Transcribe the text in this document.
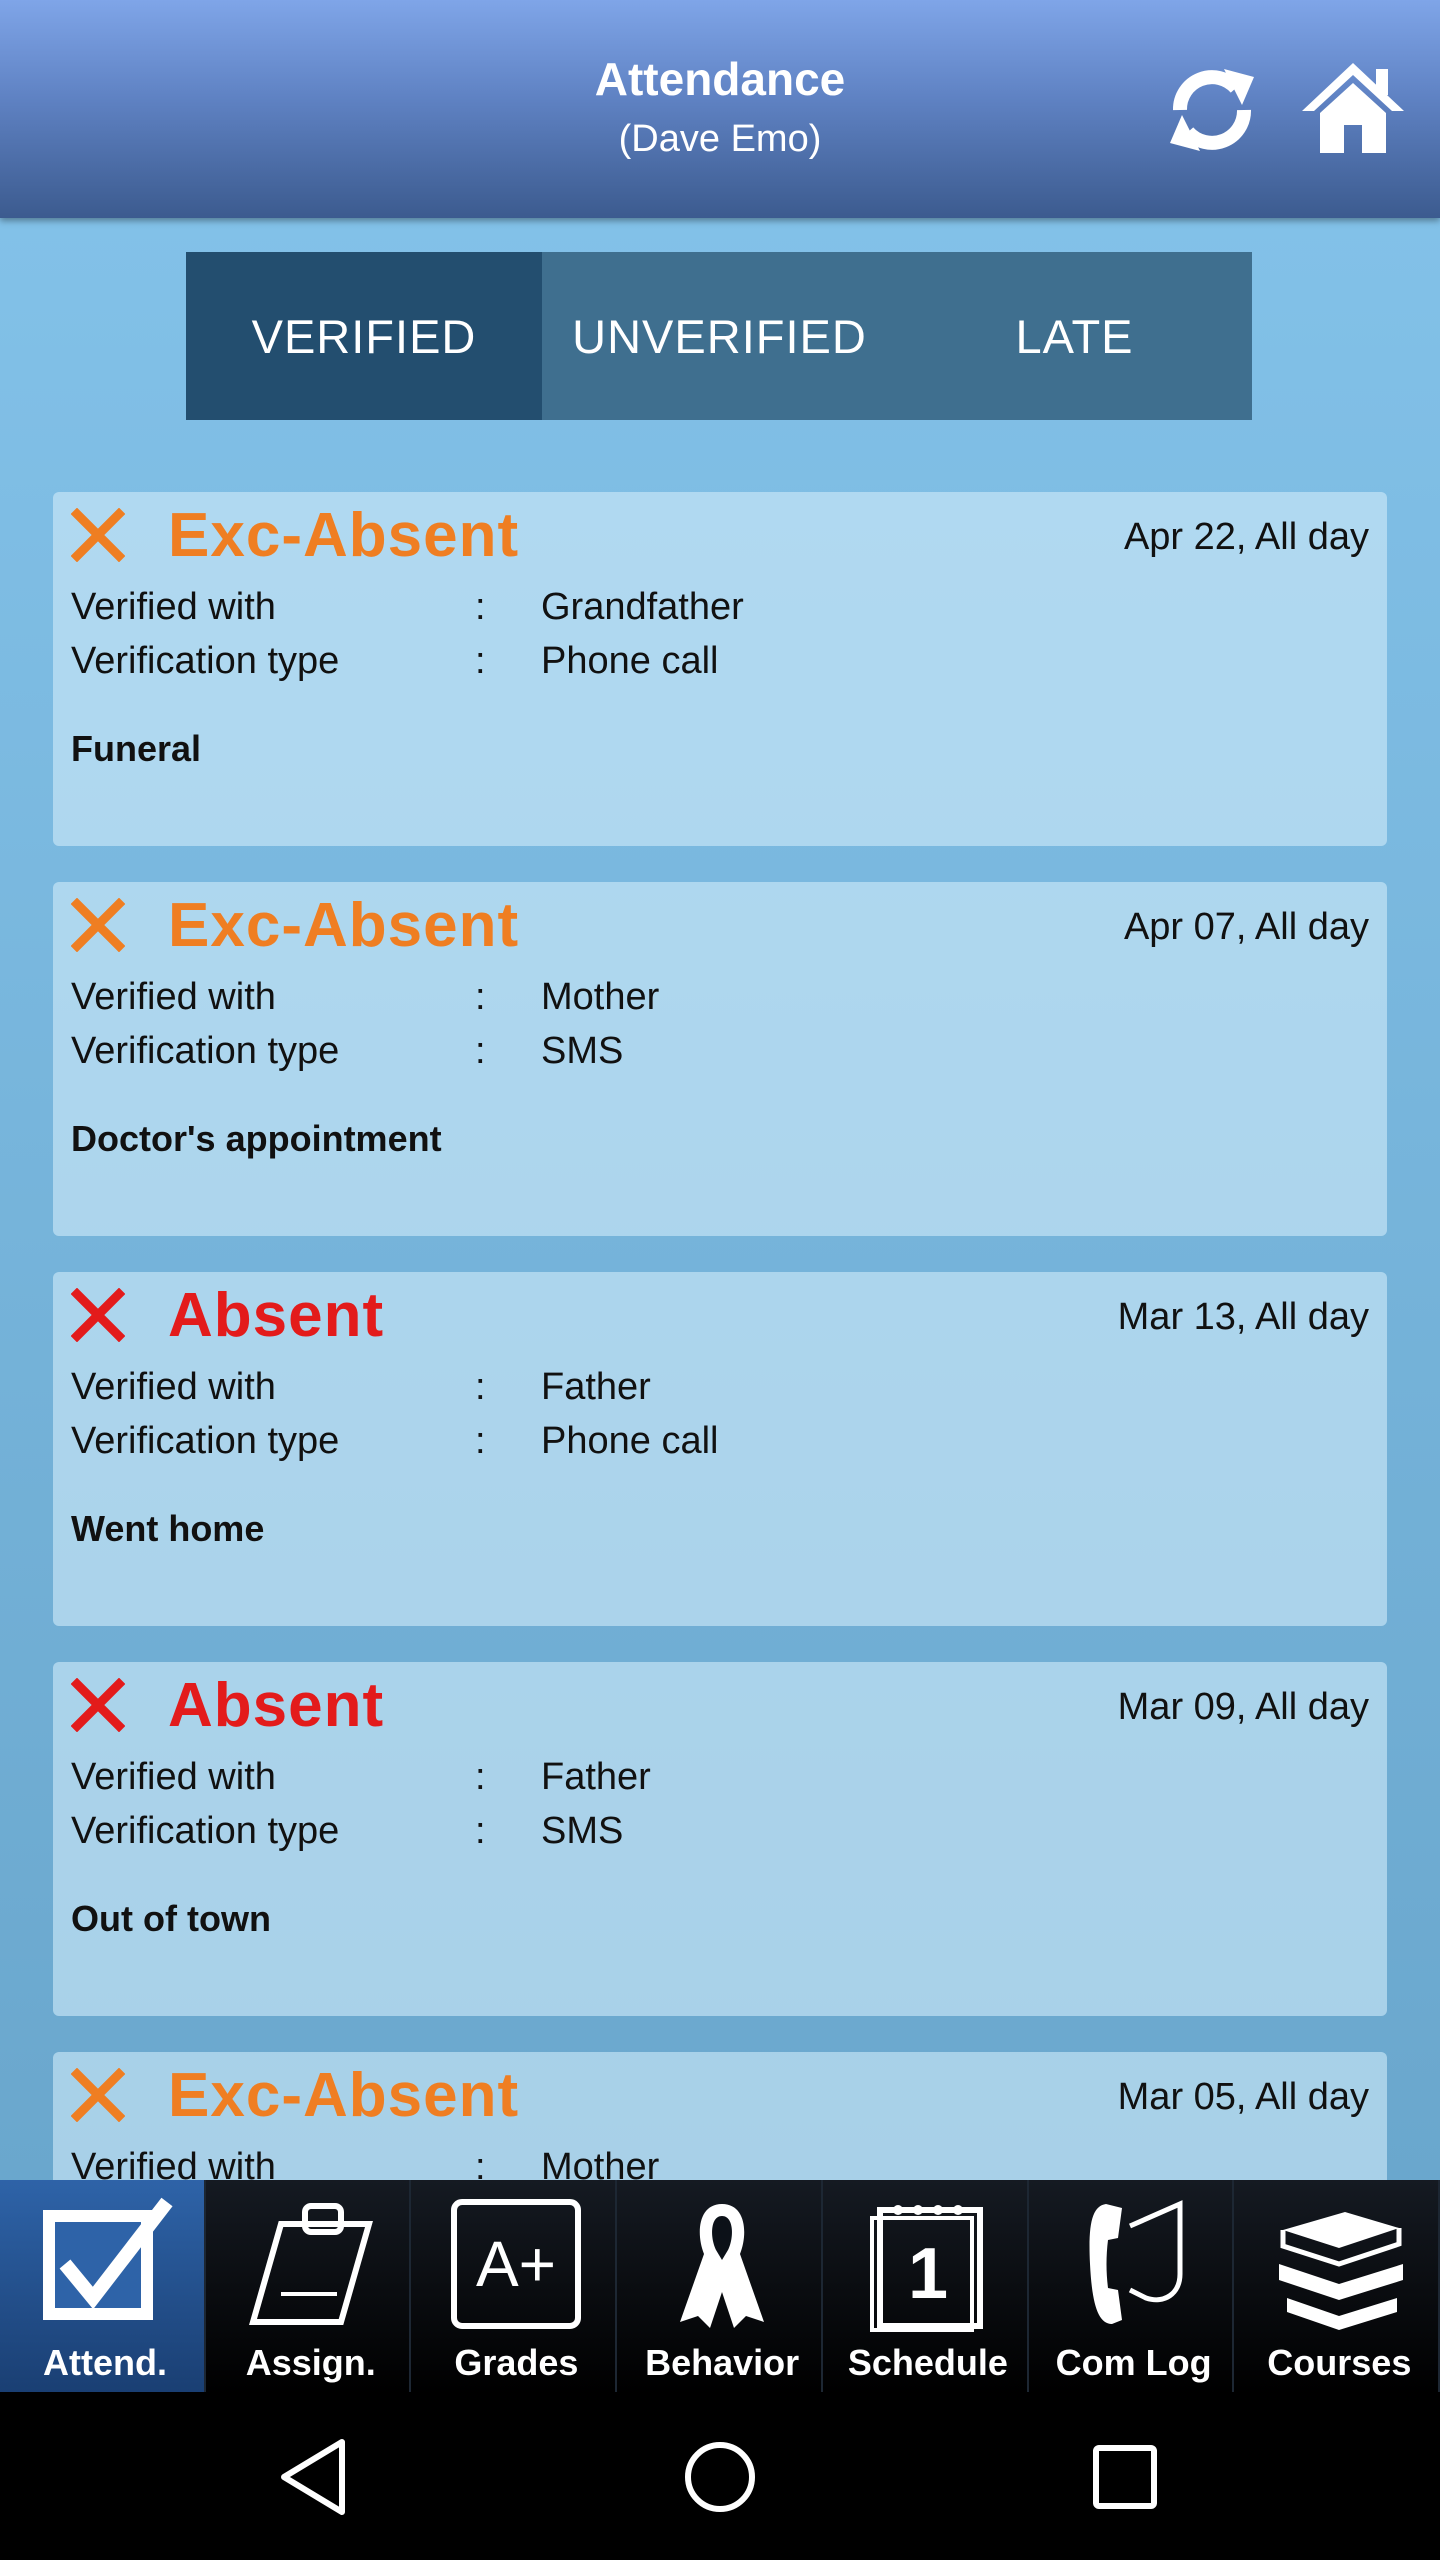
Attendance
(Dave Emo)
VERIFIED	UNVERIFIED	LATE
Exc-Absent	Apr 22, All day
Verified with	: Grandfather
Verification type	: Phone call
Funeral
Exc-Absent	Apr 07, All day
Verified with	: Mother
Verification type	: SMS
Doctor's appointment
Absent	Mar 13, All day
Verified with	: Father
Verification type	: Phone call
Went home
Absent	Mar 09, All day
Verified with	: Father
Verification type	: SMS
Out of town
Exc-Absent	Mar 05, All day
Verified with	: Mother
Attend.	Assign.
A+
Grades	Behavior
1
Schedule	Com Log	Courses
